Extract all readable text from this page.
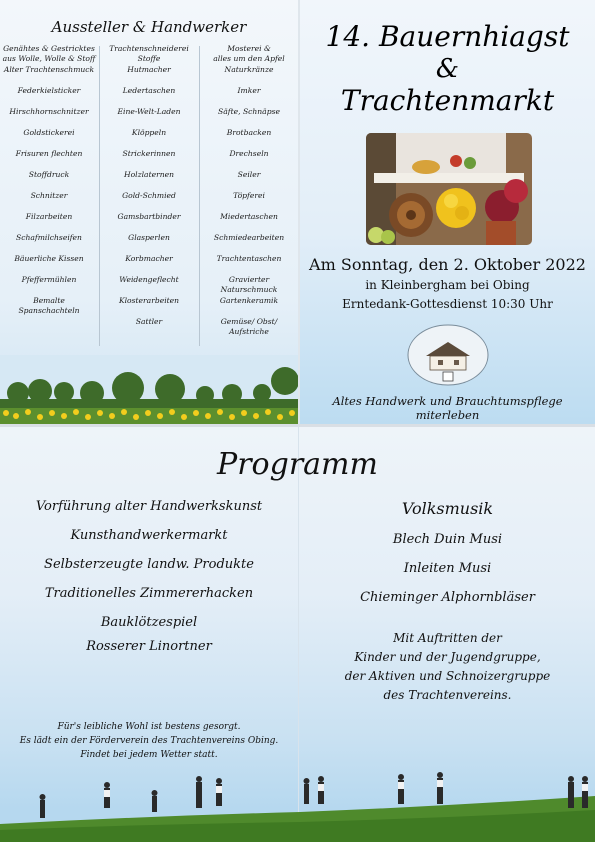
Aussteller & Handwerker
Genähtes & Gestricktes
aus Wolle, Wolle & Stoff
Alter Trachtenschmuck
Federkielsticker
Hirschhornschnitzer
Goldstickerei
Frisuren flechten
Stoffdruck
Schnitzer
Filzarbeiten
Schafmilchseifen
Bäuerliche Kissen
Pfeffermühlen
Bemalte
Spanschachteln
Trachtenschneiderei
Stoffe
Hutmacher
Ledertaschen
Eine-Welt-Laden
Klöppeln
Strickerinnen
Holzlaternen
Gold-Schmied
Gamsbartbinder
Glasperlen
Korbmacher
Weidengeflecht
Klosterarbeiten
Sattler
Mosterei &
alles um den Apfel
Naturkränze
Imker
Säfte, Schnäpse
Brotbacken
Drechseln
Seiler
Töpferei
Miedertaschen
Schmiedearbeiten
Trachtentaschen
Gravierter Naturschmuck
Gartenkeramik
Gemüse/ Obst/
Aufstriche
14. Bauernhiagst
&
Trachtenmarkt
Am Sonntag, den 2. Oktober 2022
in Kleinbergham bei Obing
Erntedank-Gottesdienst 10:30 Uhr
Altes Handwerk und Brauchtumspflege miterleben
Programm
Vorführung alter Handwerkskunst
Kunsthandwerkermarkt
Selbsterzeugte landw. Produkte
Traditionelles Zimmererhacken
Bauklötzespiel
Rosserer Linortner
Volksmusik
Blech Duin Musi
Inleiten Musi
Chieminger Alphornbläser
Mit Auftritten der
Kinder und der Jugendgruppe,
der Aktiven und Schnoizergruppe
des Trachtenvereins.
Für's leibliche Wohl ist bestens gesorgt.
Es lädt ein der Förderverein des Trachtenvereins Obing.
Findet bei jedem Wetter statt.
